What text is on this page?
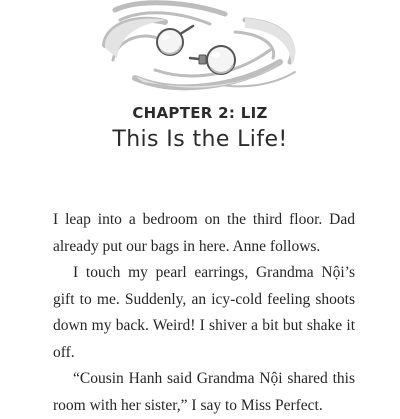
CHAPTER 2: LIZ
This Is the Life!

I leap into a bedroom on the third floor. Dad already put our bags in here. Anne follows.

I touch my pearl earrings, Grandma Nội’s gift to me. Suddenly, an icy-cold feeling shoots down my back. Weird! I shiver a bit but shake it off.

“Cousin Hanh said Grandma Nội shared this room with her sister,” I say to Miss Perfect.
